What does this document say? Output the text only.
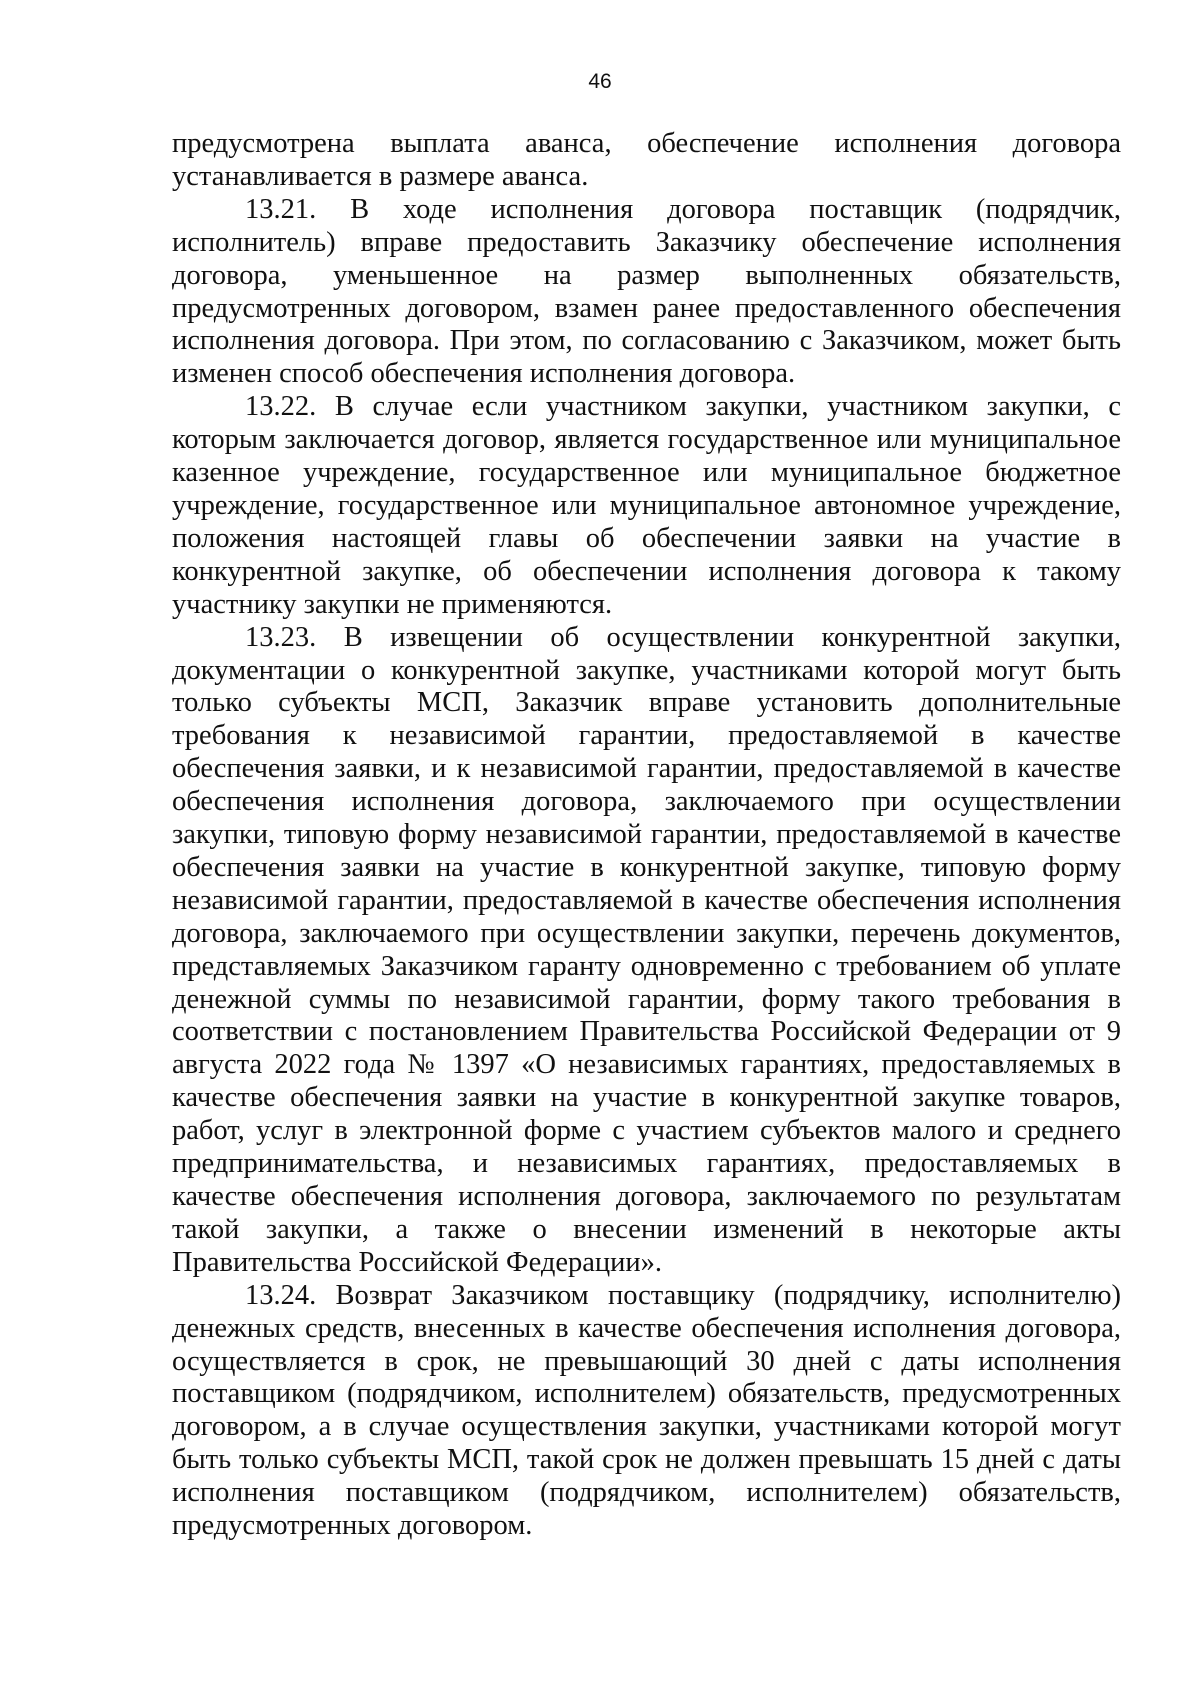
46

предусмотрена выплата аванса, обеспечение исполнения договора устанавливается в размере аванса.

13.21. В ходе исполнения договора поставщик (подрядчик, исполнитель) вправе предоставить Заказчику обеспечение исполнения договора, уменьшенное на размер выполненных обязательств, предусмотренных договором, взамен ранее предоставленного обеспечения исполнения договора. При этом, по согласованию с Заказчиком, может быть изменен способ обеспечения исполнения договора.

13.22. В случае если участником закупки, участником закупки, с которым заключается договор, является государственное или муниципальное казенное учреждение, государственное или муниципальное бюджетное учреждение, государственное или муниципальное автономное учреждение, положения настоящей главы об обеспечении заявки на участие в конкурентной закупке, об обеспечении исполнения договора к такому участнику закупки не применяются.

13.23. В извещении об осуществлении конкурентной закупки, документации о конкурентной закупке, участниками которой могут быть только субъекты МСП, Заказчик вправе установить дополнительные требования к независимой гарантии, предоставляемой в качестве обеспечения заявки, и к независимой гарантии, предоставляемой в качестве обеспечения исполнения договора, заключаемого при осуществлении закупки, типовую форму независимой гарантии, предоставляемой в качестве обеспечения заявки на участие в конкурентной закупке, типовую форму независимой гарантии, предоставляемой в качестве обеспечения исполнения договора, заключаемого при осуществлении закупки, перечень документов, представляемых Заказчиком гаранту одновременно с требованием об уплате денежной суммы по независимой гарантии, форму такого требования в соответствии с постановлением Правительства Российской Федерации от 9 августа 2022 года № 1397 «О независимых гарантиях, предоставляемых в качестве обеспечения заявки на участие в конкурентной закупке товаров, работ, услуг в электронной форме с участием субъектов малого и среднего предпринимательства, и независимых гарантиях, предоставляемых в качестве обеспечения исполнения договора, заключаемого по результатам такой закупки, а также о внесении изменений в некоторые акты Правительства Российской Федерации».

13.24. Возврат Заказчиком поставщику (подрядчику, исполнителю) денежных средств, внесенных в качестве обеспечения исполнения договора, осуществляется в срок, не превышающий 30 дней с даты исполнения поставщиком (подрядчиком, исполнителем) обязательств, предусмотренных договором, а в случае осуществления закупки, участниками которой могут быть только субъекты МСП, такой срок не должен превышать 15 дней с даты исполнения поставщиком (подрядчиком, исполнителем) обязательств, предусмотренных договором.
